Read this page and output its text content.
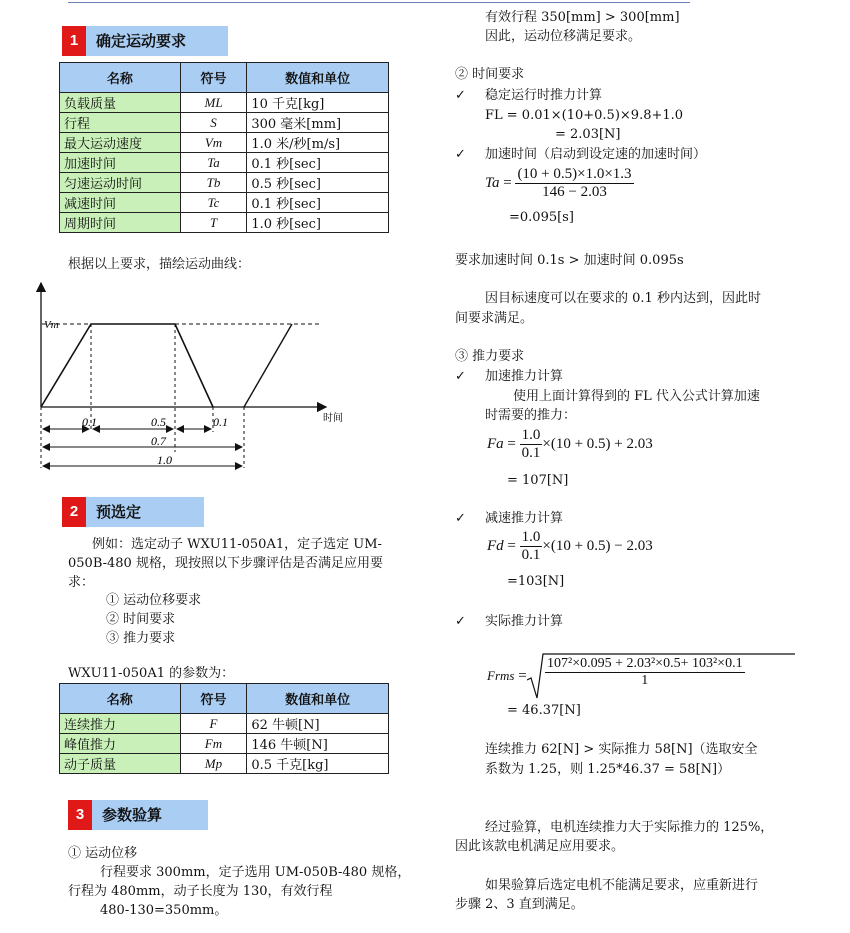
1	确定运动要求
名称	符号	数值和单位
负载质量	ML	10 千克[kg]
行程	S	300 毫米[mm]
最大运动速度	Vm	1.0 米/秒[m/s]
加速时间	Ta	0.1 秒[sec]
匀速运动时间	Tb	0.5 秒[sec]
减速时间	Tc	0.1 秒[sec]
周期时间	T	1.0 秒[sec]
根据以上要求，描绘运动曲线：
Vm
0.1	0.5	0.1	时间
0.7
1.0
2	预选定
例如：选定动子 WXU11-050A1，定子选定 UM-
050B-480 规格，现按照以下步骤评估是否满足应用要
求：
① 运动位移要求
② 时间要求
③ 推力要求
WXU11-050A1 的参数为：
名称	符号	数值和单位
连续推力	F	62 牛顿[N]
峰值推力	Fm	146 牛顿[N]
动子质量	Mp	0.5 千克[kg]
3	参数验算
① 运动位移
行程要求 300mm，定子选用 UM-050B-480 规格，
行程为 480mm，动子长度为 130，有效行程
480-130=350mm。
有效行程 350[mm] > 300[mm]
因此，运动位移满足要求。
② 时间要求
✓ 稳定运行时推力计算
FL = 0.01×(10+0.5)×9.8+1.0
= 2.03[N]
✓ 加速时间（启动到设定速的加速时间）
$Ta = \frac{(10 + 0.5)\times 1.0\times 1.3}{146 - 2.03}$
=0.095[s]
要求加速时间 0.1s > 加速时间 0.095s
因目标速度可以在要求的 0.1 秒内达到，因此时
间要求满足。
③ 推力要求
✓ 加速推力计算
使用上面计算得到的 FL 代入公式计算加速
时需要的推力：
$Fa = \frac{1.0}{0.1} \times(10 + 0.5) + 2.03$
= 107[N]
✓ 减速推力计算
$Fd = \frac{1.0}{0.1} \times(10 + 0.5) - 2.03$
=103[N]
✓ 实际推力计算
Frms = $\frac{\text{107²×0.095 + 2.03²×0.5+ 103²×0.1}}{1}$
= 46.37[N]
连续推力 62[N] > 实际推力 58[N]（选取安全
系数为 1.25，则 1.25*46.37 = 58[N]）
经过验算，电机连续推力大于实际推力的 125%，
因此该款电机满足应用要求。
如果验算后选定电机不能满足要求，应重新进行
步骤 2、3 直到满足。
